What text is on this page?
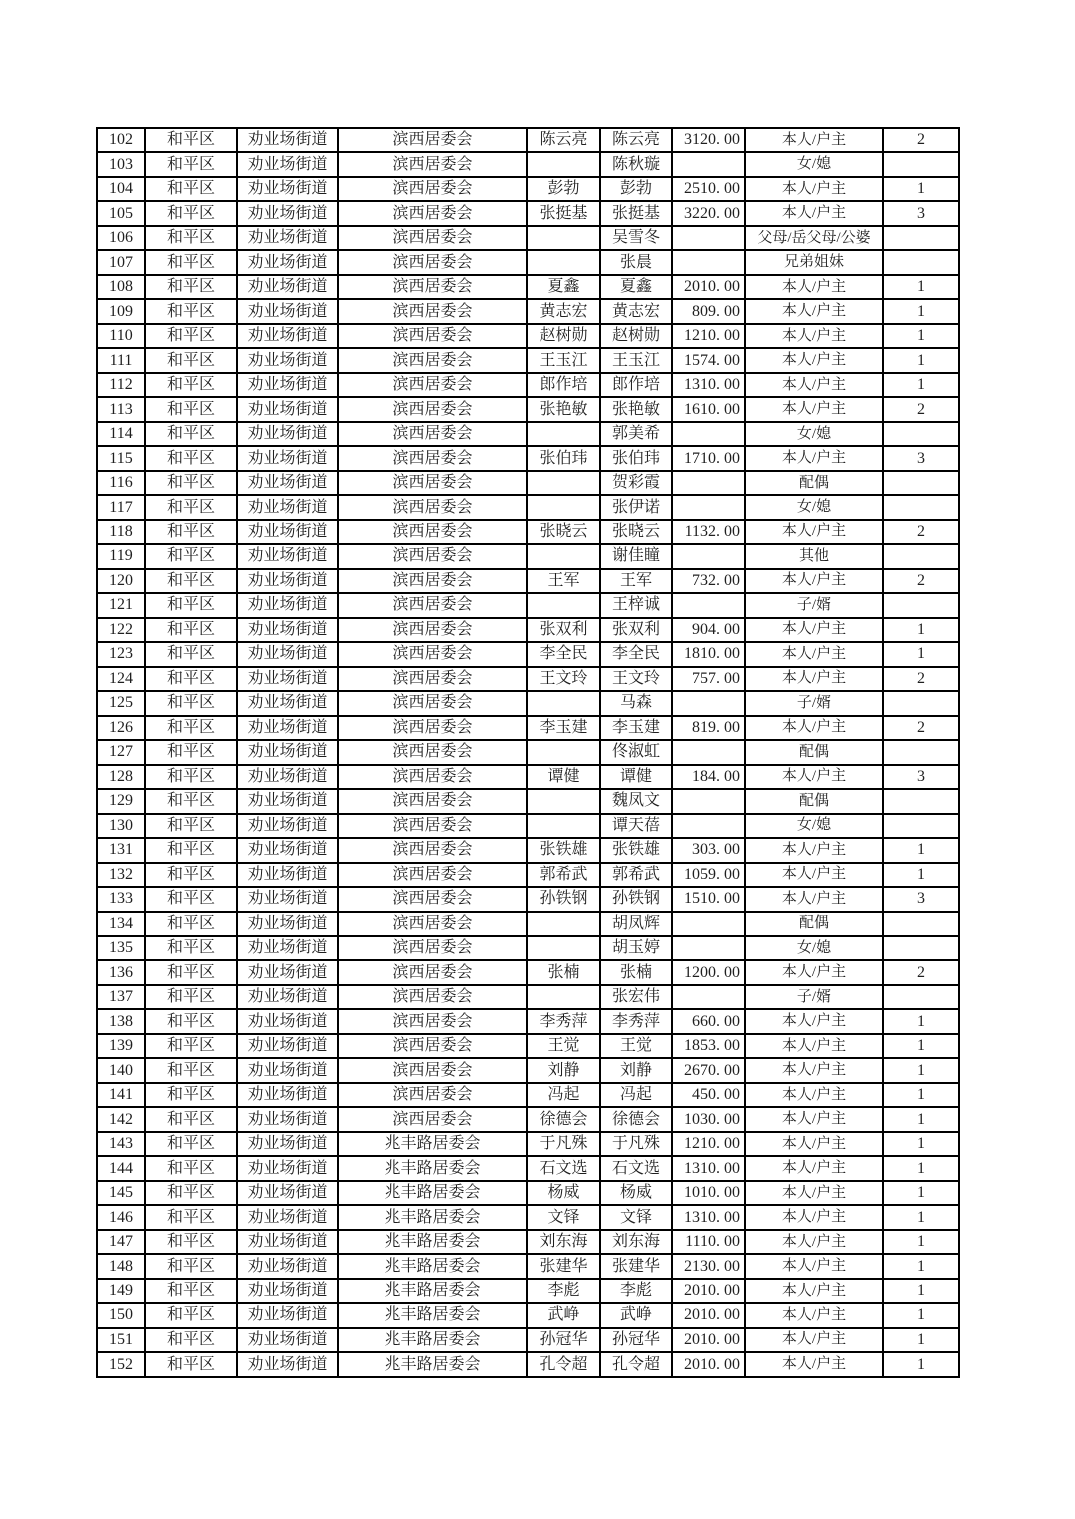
102	和平区	劝业场街道	滨西居委会	陈云亮	陈云亮	3120. 00	本人/户主	2
103	和平区	劝业场街道	滨西居委会		陈秋璇		女/媳	
104	和平区	劝业场街道	滨西居委会	彭勃	彭勃	2510. 00	本人/户主	1
105	和平区	劝业场街道	滨西居委会	张挺基	张挺基	3220. 00	本人/户主	3
106	和平区	劝业场街道	滨西居委会		吴雪冬		父母/岳父母/公婆	
107	和平区	劝业场街道	滨西居委会		张晨		兄弟姐妹	
108	和平区	劝业场街道	滨西居委会	夏鑫	夏鑫	2010. 00	本人/户主	1
109	和平区	劝业场街道	滨西居委会	黄志宏	黄志宏	809. 00	本人/户主	1
110	和平区	劝业场街道	滨西居委会	赵树勋	赵树勋	1210. 00	本人/户主	1
111	和平区	劝业场街道	滨西居委会	王玉江	王玉江	1574. 00	本人/户主	1
112	和平区	劝业场街道	滨西居委会	郎作培	郎作培	1310. 00	本人/户主	1
113	和平区	劝业场街道	滨西居委会	张艳敏	张艳敏	1610. 00	本人/户主	2
114	和平区	劝业场街道	滨西居委会		郭美希		女/媳	
115	和平区	劝业场街道	滨西居委会	张伯玮	张伯玮	1710. 00	本人/户主	3
116	和平区	劝业场街道	滨西居委会		贺彩霞		配偶	
117	和平区	劝业场街道	滨西居委会		张伊诺		女/媳	
118	和平区	劝业场街道	滨西居委会	张晓云	张晓云	1132. 00	本人/户主	2
119	和平区	劝业场街道	滨西居委会		谢佳瞳		其他	
120	和平区	劝业场街道	滨西居委会	王军	王军	732. 00	本人/户主	2
121	和平区	劝业场街道	滨西居委会		王梓诚		子/婿	
122	和平区	劝业场街道	滨西居委会	张双利	张双利	904. 00	本人/户主	1
123	和平区	劝业场街道	滨西居委会	李全民	李全民	1810. 00	本人/户主	1
124	和平区	劝业场街道	滨西居委会	王文玲	王文玲	757. 00	本人/户主	2
125	和平区	劝业场街道	滨西居委会		马森		子/婿	
126	和平区	劝业场街道	滨西居委会	李玉建	李玉建	819. 00	本人/户主	2
127	和平区	劝业场街道	滨西居委会		佟淑虹		配偶	
128	和平区	劝业场街道	滨西居委会	谭健	谭健	184. 00	本人/户主	3
129	和平区	劝业场街道	滨西居委会		魏凤文		配偶	
130	和平区	劝业场街道	滨西居委会		谭天蓓		女/媳	
131	和平区	劝业场街道	滨西居委会	张铁雄	张铁雄	303. 00	本人/户主	1
132	和平区	劝业场街道	滨西居委会	郭希武	郭希武	1059. 00	本人/户主	1
133	和平区	劝业场街道	滨西居委会	孙铁钢	孙铁钢	1510. 00	本人/户主	3
134	和平区	劝业场街道	滨西居委会		胡凤辉		配偶	
135	和平区	劝业场街道	滨西居委会		胡玉婷		女/媳	
136	和平区	劝业场街道	滨西居委会	张楠	张楠	1200. 00	本人/户主	2
137	和平区	劝业场街道	滨西居委会		张宏伟		子/婿	
138	和平区	劝业场街道	滨西居委会	李秀萍	李秀萍	660. 00	本人/户主	1
139	和平区	劝业场街道	滨西居委会	王觉	王觉	1853. 00	本人/户主	1
140	和平区	劝业场街道	滨西居委会	刘静	刘静	2670. 00	本人/户主	1
141	和平区	劝业场街道	滨西居委会	冯起	冯起	450. 00	本人/户主	1
142	和平区	劝业场街道	滨西居委会	徐德会	徐德会	1030. 00	本人/户主	1
143	和平区	劝业场街道	兆丰路居委会	于凡殊	于凡殊	1210. 00	本人/户主	1
144	和平区	劝业场街道	兆丰路居委会	石文选	石文选	1310. 00	本人/户主	1
145	和平区	劝业场街道	兆丰路居委会	杨威	杨威	1010. 00	本人/户主	1
146	和平区	劝业场街道	兆丰路居委会	文铎	文铎	1310. 00	本人/户主	1
147	和平区	劝业场街道	兆丰路居委会	刘东海	刘东海	1110. 00	本人/户主	1
148	和平区	劝业场街道	兆丰路居委会	张建华	张建华	2130. 00	本人/户主	1
149	和平区	劝业场街道	兆丰路居委会	李彪	李彪	2010. 00	本人/户主	1
150	和平区	劝业场街道	兆丰路居委会	武峥	武峥	2010. 00	本人/户主	1
151	和平区	劝业场街道	兆丰路居委会	孙冠华	孙冠华	2010. 00	本人/户主	1
152	和平区	劝业场街道	兆丰路居委会	孔令超	孔令超	2010. 00	本人/户主	1
